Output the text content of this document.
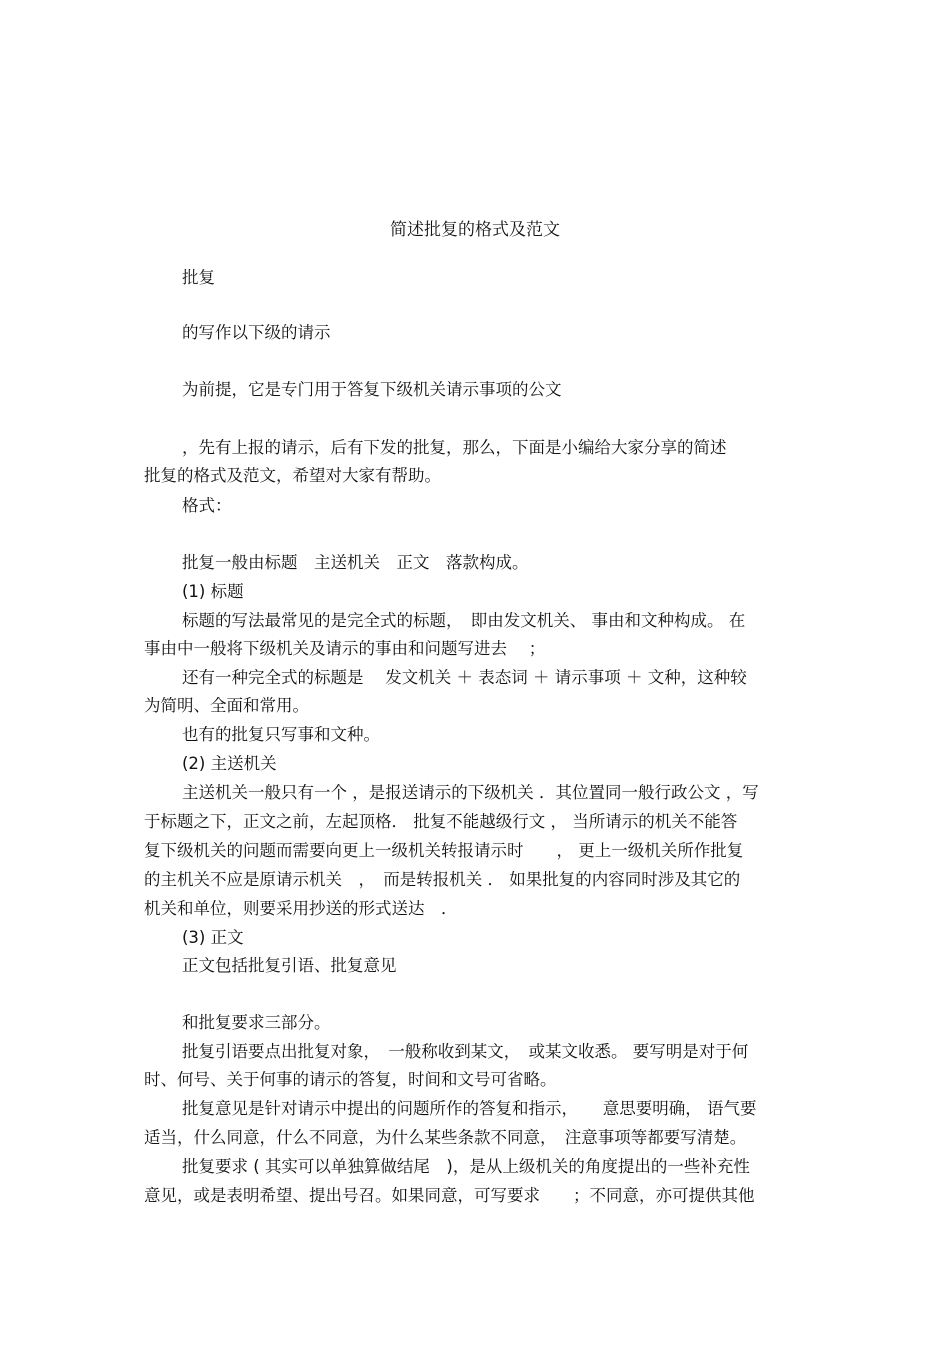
简述批复的格式及范文
批复
的写作以下级的请示
为前提，它是专门用于答复下级机关请示事项的公文
，先有上报的请示，后有下发的批复，那么，下面是小编给大家分享的简述
批复的格式及范文，希望对大家有帮助。
格式：
批复一般由标题　主送机关　正文　落款构成。
(1) 标题
标题的写法最常见的是完全式的标题，　即由发文机关、 事由和文种构成。 在
事由中一般将下级机关及请示的事由和问题写进去　 ；
还有一种完全式的标题是　 发文机关 ＋ 表态词 ＋ 请示事项 ＋ 文种，这种较
为简明、全面和常用。
也有的批复只写事和文种。
(2) 主送机关
主送机关一般只有一个 ，是报送请示的下级机关 ．其位置同一般行政公文 ，写
于标题之下，正文之前，左起顶格． 批复不能越级行文 ， 当所请示的机关不能答
复下级机关的问题而需要向更上一级机关转报请示时　　， 更上一级机关所作批复
的主机关不应是原请示机关　，　而是转报机关 ． 如果批复的内容同时涉及其它的
机关和单位，则要采用抄送的形式送达　．
(3) 正文
正文包括批复引语、批复意见
和批复要求三部分。
批复引语要点出批复对象，　一般称收到某文，　或某文收悉。 要写明是对于何
时、何号、关于何事的请示的答复，时间和文号可省略。
批复意见是针对请示中提出的问题所作的答复和指示，　　意思要明确， 语气要
适当，什么同意，什么不同意，为什么某些条款不同意，　注意事项等都要写清楚。
批复要求 ( 其实可以单独算做结尾　)，是从上级机关的角度提出的一些补充性
意见，或是表明希望、提出号召。如果同意，可写要求　　；不同意，亦可提供其他
